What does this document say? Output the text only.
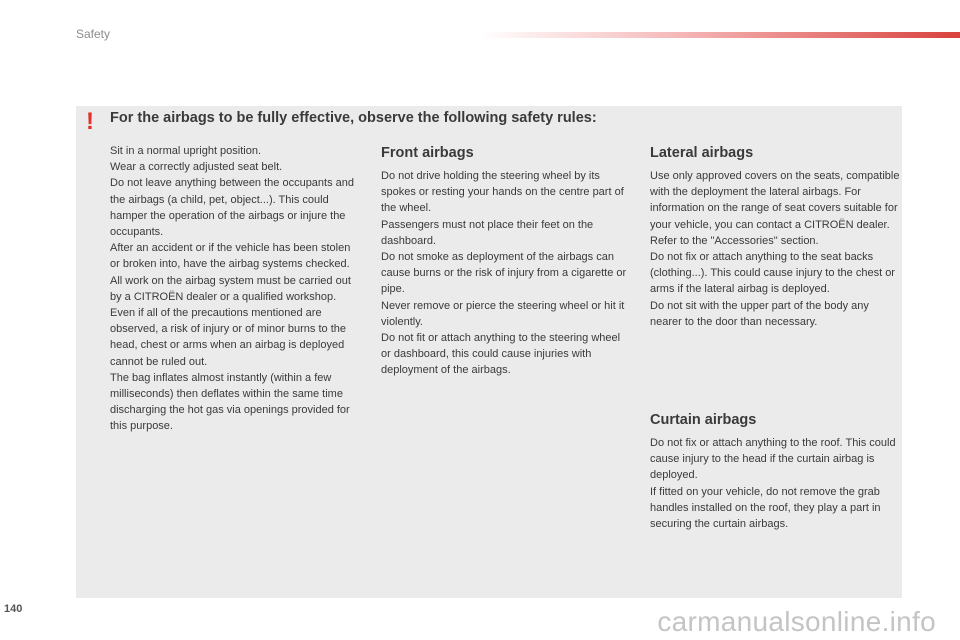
Safety
! For the airbags to be fully effective, observe the following safety rules:

Sit in a normal upright position.

Wear a correctly adjusted seat belt.

Do not leave anything between the occupants and the airbags (a child, pet, object...). This could hamper the operation of the airbags or injure the occupants.

After an accident or if the vehicle has been stolen or broken into, have the airbag systems checked.

All work on the airbag system must be carried out by a CITROËN dealer or a qualified workshop.

Even if all of the precautions mentioned are observed, a risk of injury or of minor burns to the head, chest or arms when an airbag is deployed cannot be ruled out.

The bag inflates almost instantly (within a few milliseconds) then deflates within the same time discharging the hot gas via openings provided for this purpose.

Front airbags

Do not drive holding the steering wheel by its spokes or resting your hands on the centre part of the wheel.

Passengers must not place their feet on the dashboard.

Do not smoke as deployment of the airbags can cause burns or the risk of injury from a cigarette or pipe.

Never remove or pierce the steering wheel or hit it violently.

Do not fit or attach anything to the steering wheel or dashboard, this could cause injuries with deployment of the airbags.

Lateral airbags

Use only approved covers on the seats, compatible with the deployment the lateral airbags. For information on the range of seat covers suitable for your vehicle, you can contact a CITROËN dealer.

Refer to the "Accessories" section.

Do not fix or attach anything to the seat backs (clothing...). This could cause injury to the chest or arms if the lateral airbag is deployed.

Do not sit with the upper part of the body any nearer to the door than necessary.

Curtain airbags

Do not fix or attach anything to the roof. This could cause injury to the head if the curtain airbag is deployed.

If fitted on your vehicle, do not remove the grab handles installed on the roof, they play a part in securing the curtain airbags.

140	carmanualsonline.info
